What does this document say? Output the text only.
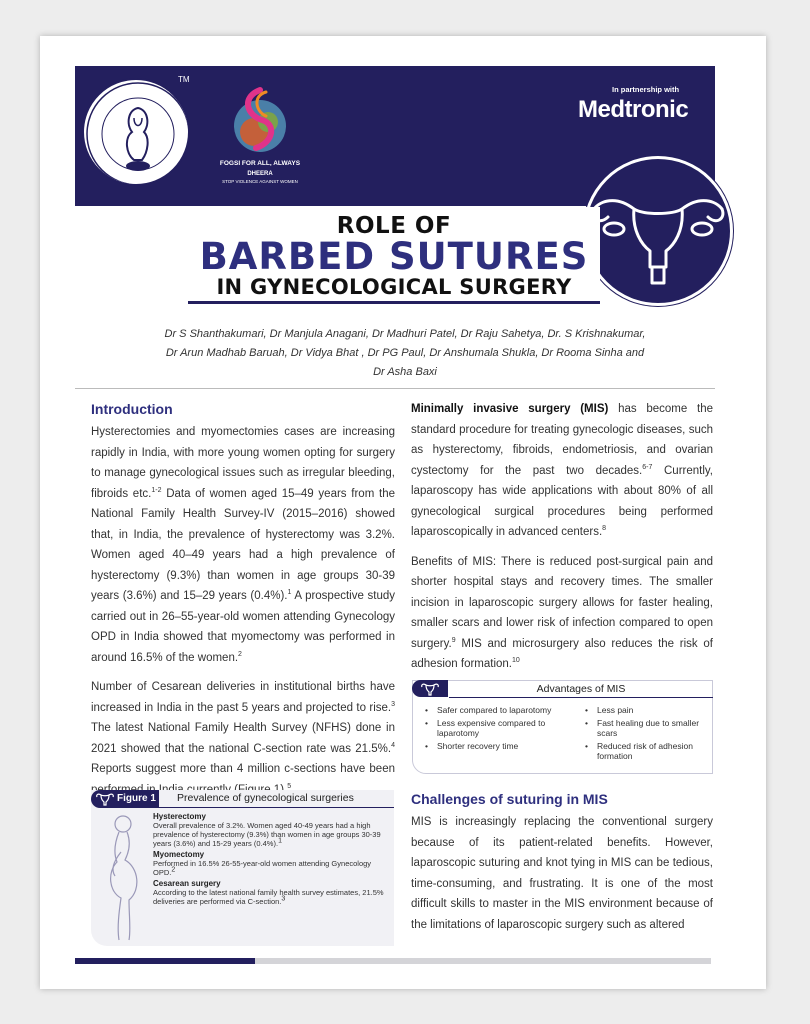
FOGSI
TM
FOGSI FOR ALL, ALWAYS
DHEERA
STOP VIOLENCE AGAINST WOMEN
In partnership with
Medtronic
ROLE OF
BARBED SUTURES
IN GYNECOLOGICAL SURGERY
Dr S Shanthakumari, Dr Manjula Anagani, Dr Madhuri Patel, Dr Raju Sahetya, Dr. S Krishnakumar,
Dr Arun Madhab Baruah, Dr Vidya Bhat , Dr PG Paul, Dr Anshumala Shukla, Dr Rooma Sinha and
Dr Asha Baxi
Introduction

Hysterectomies and myomectomies cases are increasing rapidly in India, with more young women opting for surgery to manage gynecological issues such as irregular bleeding, fibroids etc.$^{1-2}$ Data of women aged 15–49 years from the National Family Health Survey-IV (2015–2016) showed that, in India, the prevalence of hysterectomy was 3.2%. Women aged 40–49 years had a high prevalence of hysterectomy (9.3%) than women in age groups 30-39 years (3.6%) and 15–29 years (0.4%).$^1$ A prospective study carried out in 26–55-year-old women attending Gynecology OPD in India showed that myomectomy was performed in around 16.5% of the women.$^2$

Number of Cesarean deliveries in institutional births have increased in India in the past 5 years and projected to rise.$^3$ The latest National Family Health Survey (NFHS) done in 2021 showed that the national C-section rate was 21.5%.$^4$ Reports suggest more than 4 million c-sections have been $^5$

Figure 1 Prevalence of gynecological surgeries
Hysterectomy
Overall prevalence of 3.2%. Women aged 40-49 years had a high prevalence of hysterectomy (9.3%) than women in age groups 30-39 years (3.6%) and 15-29 years (0.4%).$^1$
Myomectomy
Performed in 16.5% 26-55-year-old women attending Gynecology OPD.$^2$
Cesarean surgery
According to the latest national family health survey estimates, 21.5% deliveries are performed via C-section.$^3$

Minimally invasive surgery (MIS) has become the standard procedure for treating gynecologic diseases, such as hysterectomy, fibroids, endometriosis, and ovarian cystectomy for the past two decades.$^{6-7}$ Currently, laparoscopy has wide applications with about 80% of all gynecological surgical procedures being performed laparoscopically in advanced centers.$^8$

Benefits of MIS: There is reduced post-surgical pain and shorter hospital stays and recovery times. The smaller incision in laparoscopic surgery allows for faster healing, smaller scars and lower risk of infection compared to open surgery.$^9$ MIS and microsurgery also reduces the risk of adhesion formation.$^{10}$

Advantages of MIS
• Safer compared to laparotomy
• Less expensive compared to laparotomy
• Shorter recovery time
• Less pain
• Fast healing due to smaller scars
• Reduced risk of adhesion formation
Challenges of suturing in MIS

MIS is increasingly replacing the conventional surgery because of its patient-related benefits. However, laparoscopic suturing and knot tying in MIS can be tedious, time-consuming, and frustrating. It is one of the most difficult skills to master in the MIS environment because of the limitations of laparoscopic surgery such as altered
